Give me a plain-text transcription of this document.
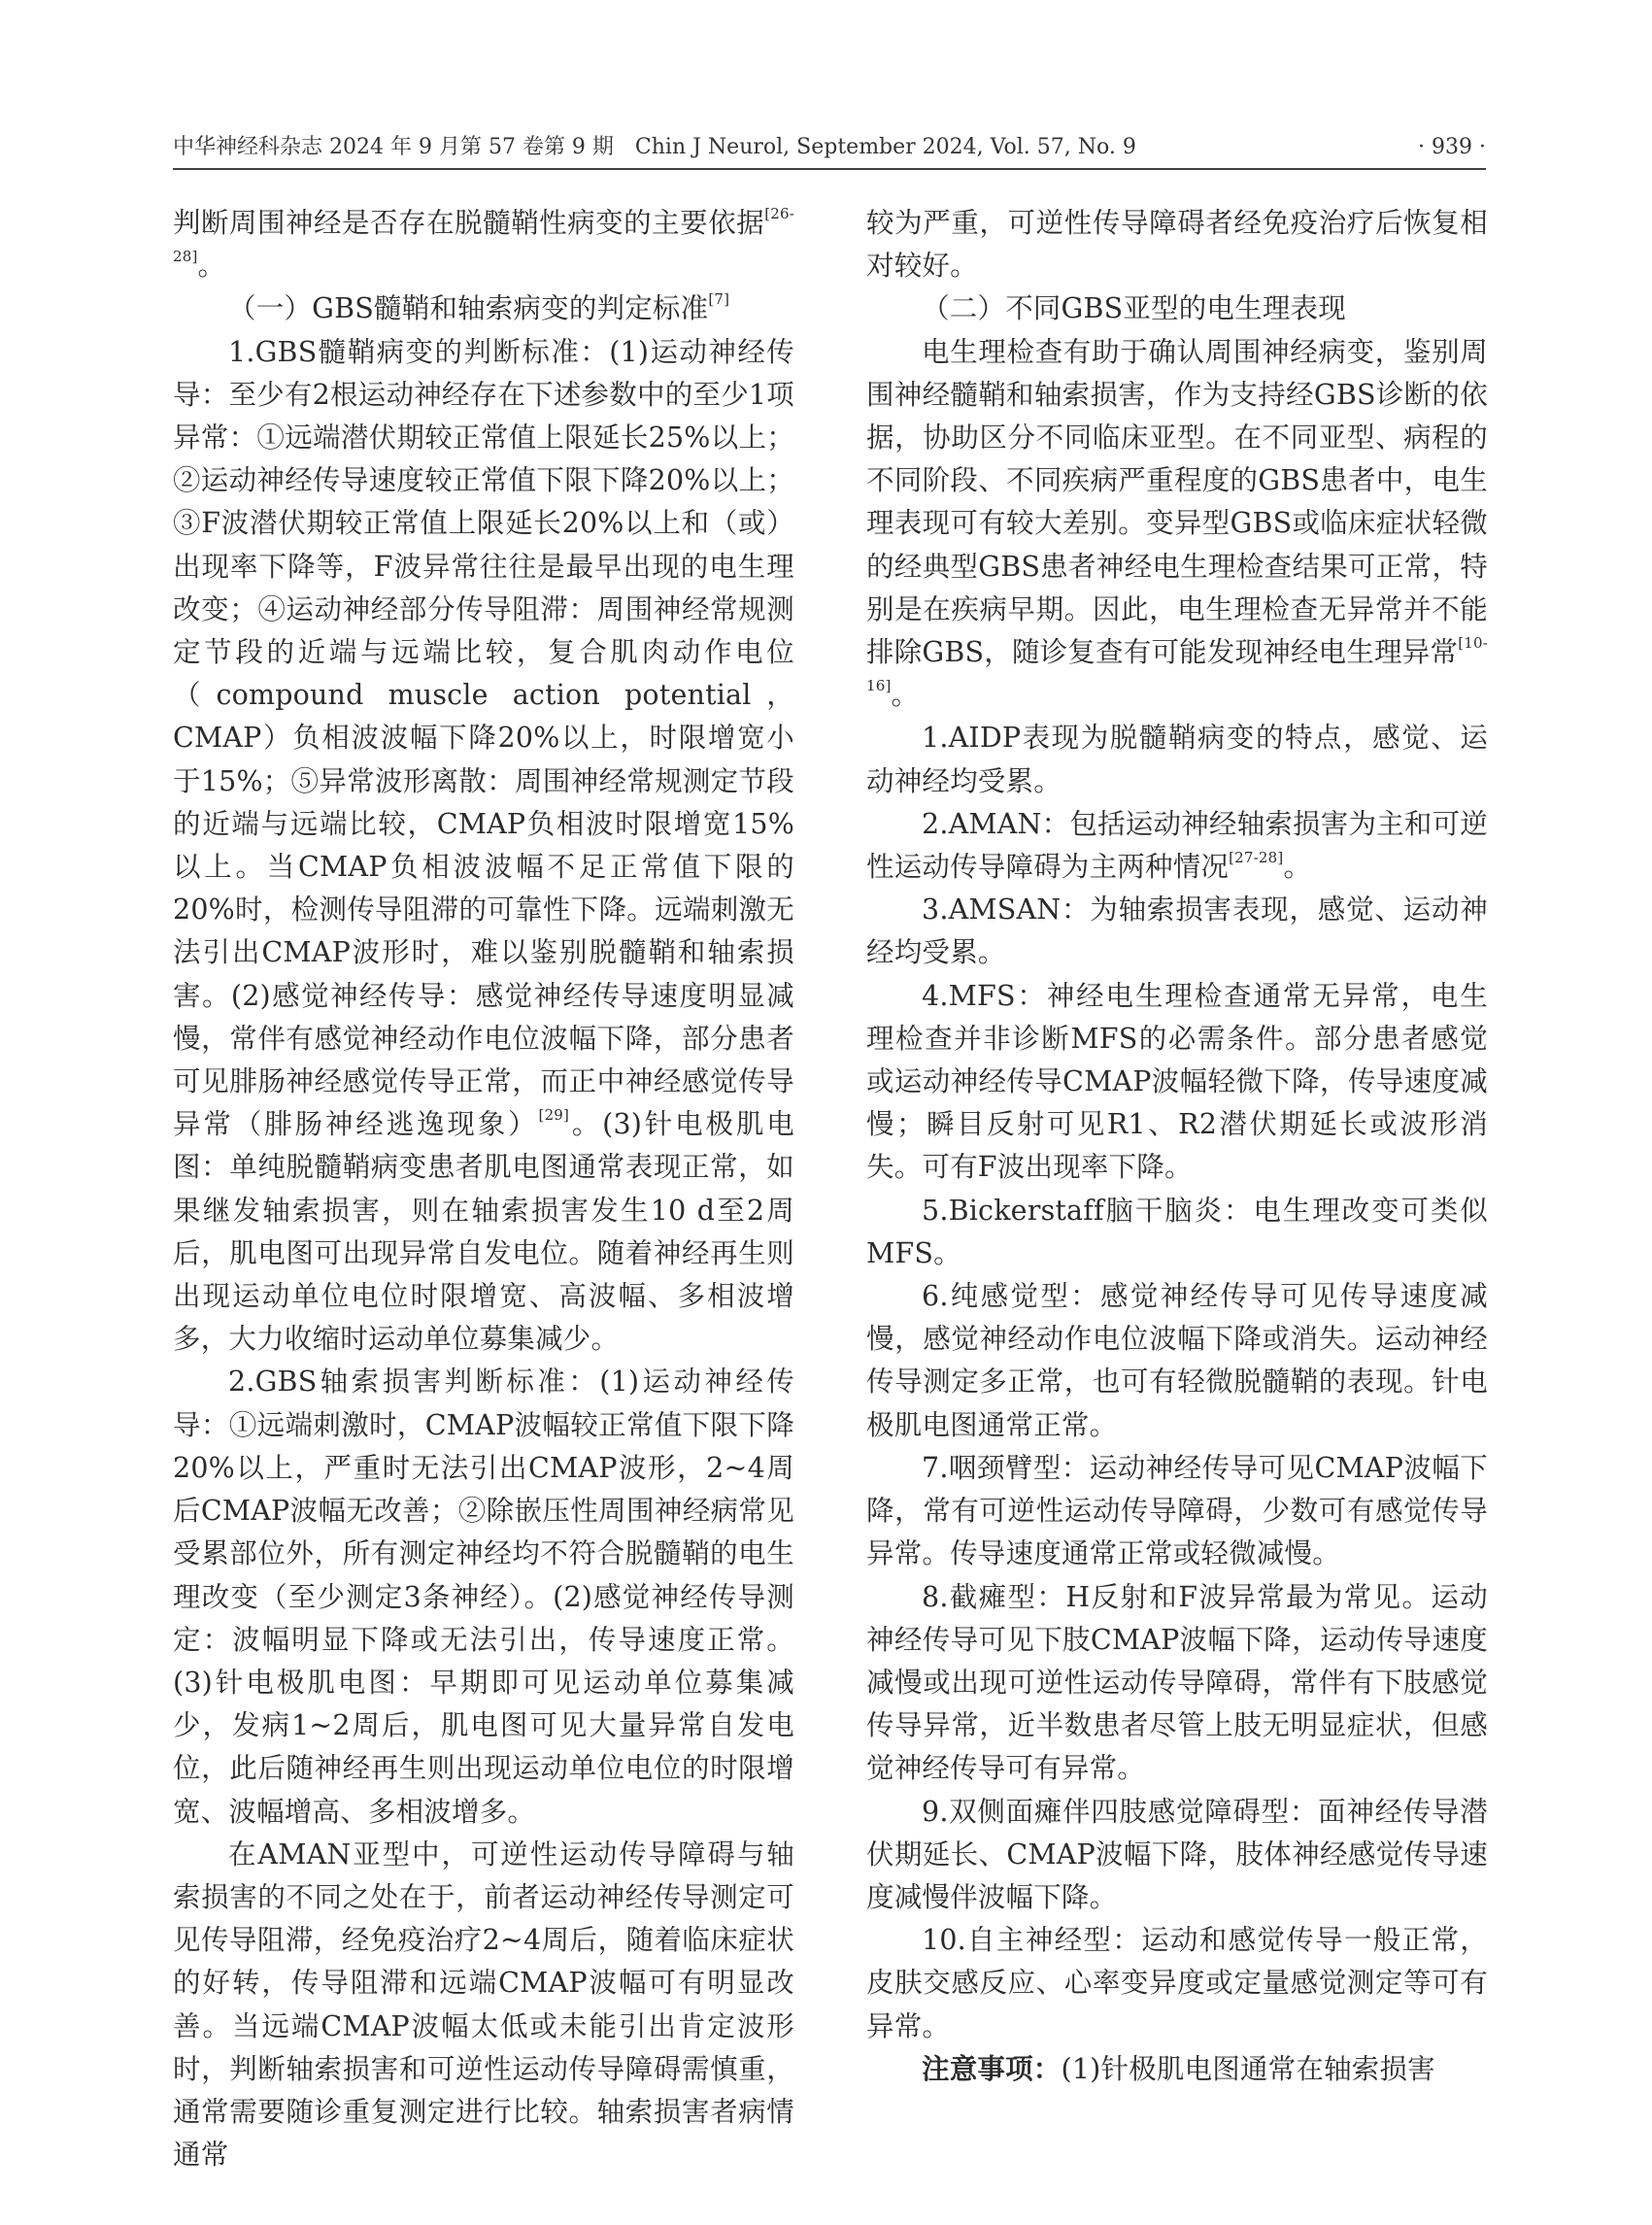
中华神经科杂志 2024 年 9 月第 57 卷第 9 期　Chin J Neurol, September 2024, Vol. 57, No. 9	· 939 ·

判断周围神经是否存在脱髓鞘性病变的主要依据[26-28]。

（一）GBS髓鞘和轴索病变的判定标准[7]

1.GBS髓鞘病变的判断标准：(1)运动神经传导：至少有2根运动神经存在下述参数中的至少1项异常：①远端潜伏期较正常值上限延长25%以上；②运动神经传导速度较正常值下限下降20%以上；③F波潜伏期较正常值上限延长20%以上和（或）出现率下降等，F波异常往往是最早出现的电生理改变；④运动神经部分传导阻滞：周围神经常规测定节段的近端与远端比较，复合肌肉动作电位（compound muscle action potential，CMAP）负相波波幅下降20%以上，时限增宽小于15%；⑤异常波形离散：周围神经常规测定节段的近端与远端比较，CMAP负相波时限增宽15%以上。当CMAP负相波波幅不足正常值下限的20%时，检测传导阻滞的可靠性下降。远端刺激无法引出CMAP波形时，难以鉴别脱髓鞘和轴索损害。(2)感觉神经传导：感觉神经传导速度明显减慢，常伴有感觉神经动作电位波幅下降，部分患者可见腓肠神经感觉传导正常，而正中神经感觉传导异常（腓肠神经逃逸现象）[29]。(3)针电极肌电图：单纯脱髓鞘病变患者肌电图通常表现正常，如果继发轴索损害，则在轴索损害发生10 d至2周后，肌电图可出现异常自发电位。随着神经再生则出现运动单位电位时限增宽、高波幅、多相波增多，大力收缩时运动单位募集减少。

2.GBS轴索损害判断标准：(1)运动神经传导：①远端刺激时，CMAP波幅较正常值下限下降20%以上，严重时无法引出CMAP波形，2~4周后CMAP波幅无改善；②除嵌压性周围神经病常见受累部位外，所有测定神经均不符合脱髓鞘的电生理改变（至少测定3条神经）。(2)感觉神经传导测定：波幅明显下降或无法引出，传导速度正常。(3)针电极肌电图：早期即可见运动单位募集减少，发病1~2周后，肌电图可见大量异常自发电位，此后随神经再生则出现运动单位电位的时限增宽、波幅增高、多相波增多。

在AMAN亚型中，可逆性运动传导障碍与轴索损害的不同之处在于，前者运动神经传导测定可见传导阻滞，经免疫治疗2~4周后，随着临床症状的好转，传导阻滞和远端CMAP波幅可有明显改善。当远端CMAP波幅太低或未能引出肯定波形时，判断轴索损害和可逆性运动传导障碍需慎重，通常需要随诊重复测定进行比较。轴索损害者病情通常

较为严重，可逆性传导障碍者经免疫治疗后恢复相对较好。

（二）不同GBS亚型的电生理表现

电生理检查有助于确认周围神经病变，鉴别周围神经髓鞘和轴索损害，作为支持经GBS诊断的依据，协助区分不同临床亚型。在不同亚型、病程的不同阶段、不同疾病严重程度的GBS患者中，电生理表现可有较大差别。变异型GBS或临床症状轻微的经典型GBS患者神经电生理检查结果可正常，特别是在疾病早期。因此，电生理检查无异常并不能排除GBS，随诊复查有可能发现神经电生理异常[10-16]。

1.AIDP表现为脱髓鞘病变的特点，感觉、运动神经均受累。

2.AMAN：包括运动神经轴索损害为主和可逆性运动传导障碍为主两种情况[27-28]。

3.AMSAN：为轴索损害表现，感觉、运动神经均受累。

4.MFS：神经电生理检查通常无异常，电生理检查并非诊断MFS的必需条件。部分患者感觉或运动神经传导CMAP波幅轻微下降，传导速度减慢；瞬目反射可见R1、R2潜伏期延长或波形消失。可有F波出现率下降。

5.Bickerstaff脑干脑炎：电生理改变可类似MFS。

6.纯感觉型：感觉神经传导可见传导速度减慢，感觉神经动作电位波幅下降或消失。运动神经传导测定多正常，也可有轻微脱髓鞘的表现。针电极肌电图通常正常。

7.咽颈臂型：运动神经传导可见CMAP波幅下降，常有可逆性运动传导障碍，少数可有感觉传导异常。传导速度通常正常或轻微减慢。

8.截瘫型：H反射和F波异常最为常见。运动神经传导可见下肢CMAP波幅下降，运动传导速度减慢或出现可逆性运动传导障碍，常伴有下肢感觉传导异常，近半数患者尽管上肢无明显症状，但感觉神经传导可有异常。

9.双侧面瘫伴四肢感觉障碍型：面神经传导潜伏期延长、CMAP波幅下降，肢体神经感觉传导速度减慢伴波幅下降。

10.自主神经型：运动和感觉传导一般正常，皮肤交感反应、心率变异度或定量感觉测定等可有异常。

注意事项：(1)针极肌电图通常在轴索损害
